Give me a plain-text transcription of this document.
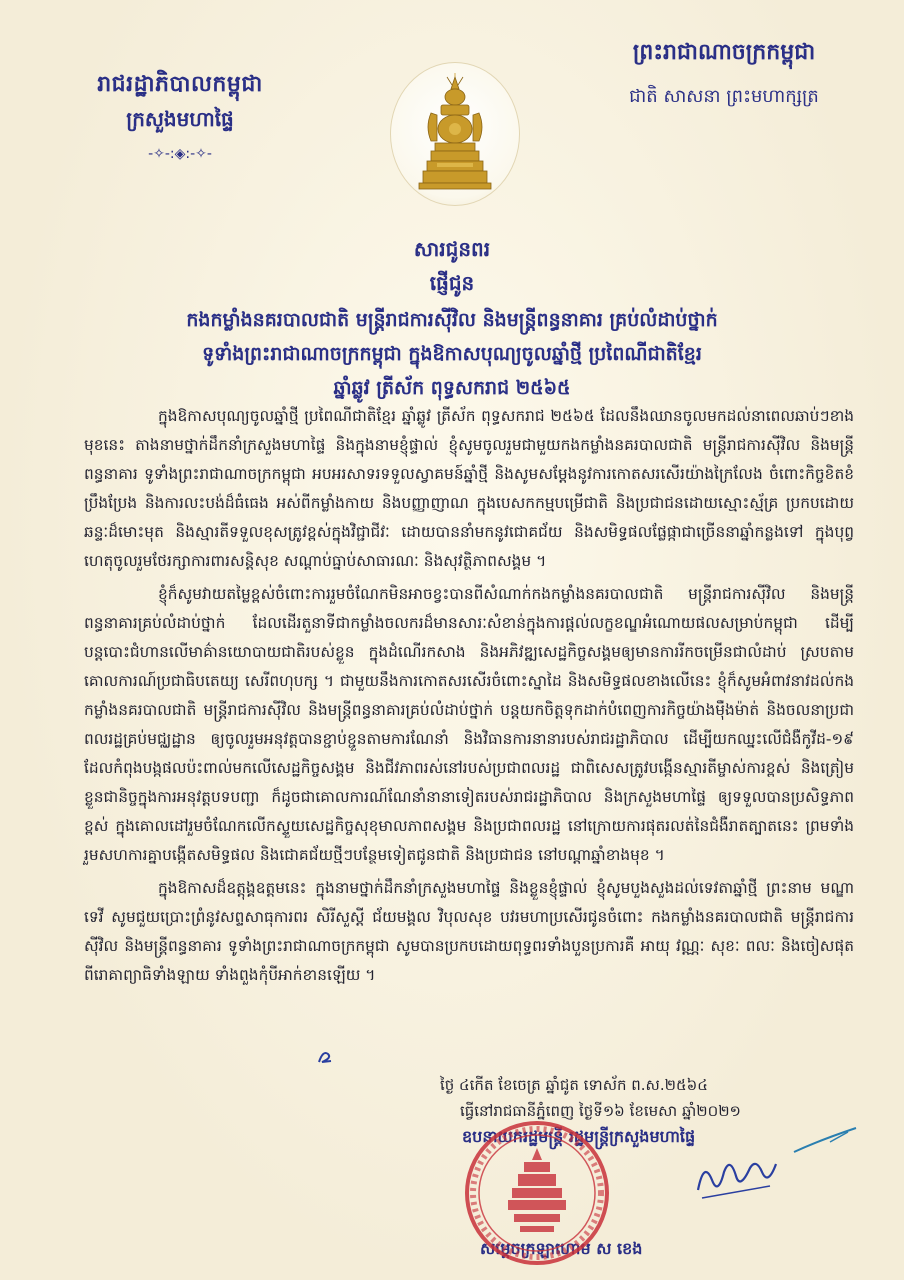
រាជរដ្ឋាភិបាលកម្ពុជា
ក្រសួងមហាផ្ទៃ
-✧-:◈:-✧-
ព្រះរាជាណាចក្រកម្ពុជា
ជាតិ សាសនា ព្រះមហាក្សត្រ
សារជូនពរ
ផ្ញើជូន
កងកម្លាំងនគរបាលជាតិ មន្ត្រីរាជការស៊ីវិល និងមន្ត្រីពន្ធនាគារ គ្រប់លំដាប់ថ្នាក់
ទូទាំងព្រះរាជាណាចក្រកម្ពុជា ក្នុងឱកាសបុណ្យចូលឆ្នាំថ្មី ប្រពៃណីជាតិខ្មែរ
ឆ្នាំឆ្លូវ ត្រីស័ក ពុទ្ធសករាជ ២៥៦៥

ក្នុងឱកាសបុណ្យចូលឆ្នាំថ្មី ប្រពៃណីជាតិខ្មែរ ឆ្នាំឆ្លូវ ត្រីស័ក ពុទ្ធសករាជ ២៥៦៥ ដែលនឹងឈានចូលមកដល់នាពេលឆាប់ៗខាងមុខនេះ តាងនាមថ្នាក់ដឹកនាំក្រសួងមហាផ្ទៃ និងក្នុងនាមខ្ញុំផ្ទាល់ ខ្ញុំសូមចូលរួមជាមួយកងកម្លាំងនគរបាលជាតិ មន្ត្រីរាជការស៊ីវិល និងមន្ត្រីពន្ធនាគារ ទូទាំងព្រះរាជាណាចក្រកម្ពុជា អបអរសាទរទទួលស្វាគមន៍ឆ្នាំថ្មី និងសូមសម្ដែងនូវការកោតសរសើរយ៉ាងក្រៃលែង ចំពោះកិច្ចខិតខំប្រឹងប្រែង និងការលះបង់ដ៏ធំធេង អស់ពីកម្លាំងកាយ និងបញ្ញាញាណ ក្នុងបេសកកម្មបម្រើជាតិ និងប្រជាជនដោយស្មោះស្ម័គ្រ ប្រកបដោយឆន្ទៈដ៏មោះមុត និងស្មារតីទទួលខុសត្រូវខ្ពស់ក្នុងវិជ្ជាជីវៈ ដោយបាននាំមកនូវជោគជ័យ និងសមិទ្ធផលផ្លែផ្កាជាច្រើននាឆ្នាំកន្លងទៅ ក្នុងបុព្វហេតុចូលរួមថែរក្សាការពារសន្តិសុខ សណ្ដាប់ធ្នាប់សាធារណៈ និងសុវត្ថិភាពសង្គម ។

ខ្ញុំក៏សូមវាយតម្លៃខ្ពស់ចំពោះការរួមចំណែកមិនអាចខ្វះបានពីសំណាក់កងកម្លាំងនគរបាលជាតិ មន្ត្រីរាជការស៊ីវិល និងមន្ត្រីពន្ធនាគារគ្រប់លំដាប់ថ្នាក់ ដែលដើរតួនាទីជាកម្លាំងចលករដ៏មានសារៈសំខាន់ក្នុងការផ្ដល់លក្ខខណ្ឌអំណោយផលសម្រាប់កម្ពុជា ដើម្បីបន្តបោះជំហានលើមាគ៌ានយោបាយជាតិរបស់ខ្លួន ក្នុងដំណើរកសាង និងអភិវឌ្ឍសេដ្ឋកិច្ចសង្គមឲ្យមានការរីកចម្រើនជាលំដាប់ ស្របតាមគោលការណ៍ប្រជាធិបតេយ្យ សេរីពហុបក្ស ។ ជាមួយនឹងការកោតសរសើរចំពោះស្នាដៃ និងសមិទ្ធផលខាងលើនេះ ខ្ញុំក៏សូមអំពាវនាវដល់កងកម្លាំងនគរបាលជាតិ មន្ត្រីរាជការស៊ីវិល និងមន្ត្រីពន្ធនាគារគ្រប់លំដាប់ថ្នាក់ បន្តយកចិត្តទុកដាក់បំពេញការកិច្ចយ៉ាងម៉ឺងម៉ាត់ និងចលនាប្រជាពលរដ្ឋគ្រប់មជ្ឈដ្ឋាន ឲ្យចូលរួមអនុវត្តបានខ្ជាប់ខ្ជួនតាមការណែនាំ និងវិធានការនានារបស់រាជរដ្ឋាភិបាល ដើម្បីយកឈ្នះលើជំងឺកូវីដ-១៩ ដែលកំពុងបង្កផលប៉ះពាល់មកលើសេដ្ឋកិច្ចសង្គម និងជីវភាពរស់នៅរបស់ប្រជាពលរដ្ឋ ជាពិសេសត្រូវបង្កើនស្មារតីម្ចាស់ការខ្ពស់ និងត្រៀមខ្លួនជានិច្ចក្នុងការអនុវត្តបទបញ្ជា ក៏ដូចជាគោលការណ៍ណែនាំនានាទៀតរបស់រាជរដ្ឋាភិបាល និងក្រសួងមហាផ្ទៃ ឲ្យទទួលបានប្រសិទ្ធភាពខ្ពស់ ក្នុងគោលដៅរួមចំណែកលើកស្ទួយសេដ្ឋកិច្ចសុខុមាលភាពសង្គម និងប្រជាពលរដ្ឋ នៅក្រោយការផុតរលត់នៃជំងឺរាតត្បាតនេះ ព្រមទាំងរួមសហការគ្នាបង្កើតសមិទ្ធផល និងជោគជ័យថ្មីៗបន្ថែមទៀតជូនជាតិ និងប្រជាជន នៅបណ្ដាឆ្នាំខាងមុខ ។

ក្នុងឱកាសដ៏ឧត្តុង្គឧត្តមនេះ ក្នុងនាមថ្នាក់ដឹកនាំក្រសួងមហាផ្ទៃ និងខ្លួនខ្ញុំផ្ទាល់ ខ្ញុំសូមបួងសួងដល់ទេវតាឆ្នាំថ្មី ព្រះនាម មណ្ឌាទេវី សូមជួយប្រោះព្រំនូវសព្ទសាធុការពរ សិរីសួស្ដី ជ័យមង្គល វិបុលសុខ បវរមហាប្រសើរជូនចំពោះ កងកម្លាំងនគរបាលជាតិ មន្ត្រីរាជការស៊ីវិល និងមន្ត្រីពន្ធនាគារ ទូទាំងព្រះរាជាណាចក្រកម្ពុជា សូមបានប្រកបដោយពុទ្ធពរទាំងបួនប្រការគឺ អាយុ វណ្ណៈ សុខៈ ពលៈ និងចៀសផុតពីរោគាព្យាធិទាំងឡាយ ទាំងពួងកុំបីអាក់ខានឡើយ ។

ថ្ងៃ ៤កើត ខែចេត្រ ឆ្នាំជូត ទោស័ក ព.ស.២៥៦៤
ធ្វើនៅរាជធានីភ្នំពេញ ថ្ងៃទី១៦ ខែមេសា ឆ្នាំ២០២១
ឧបនាយករដ្ឋមន្ត្រី រដ្ឋមន្ត្រីក្រសួងមហាផ្ទៃ
សម្ដេចក្រឡាហោម ស ខេង
